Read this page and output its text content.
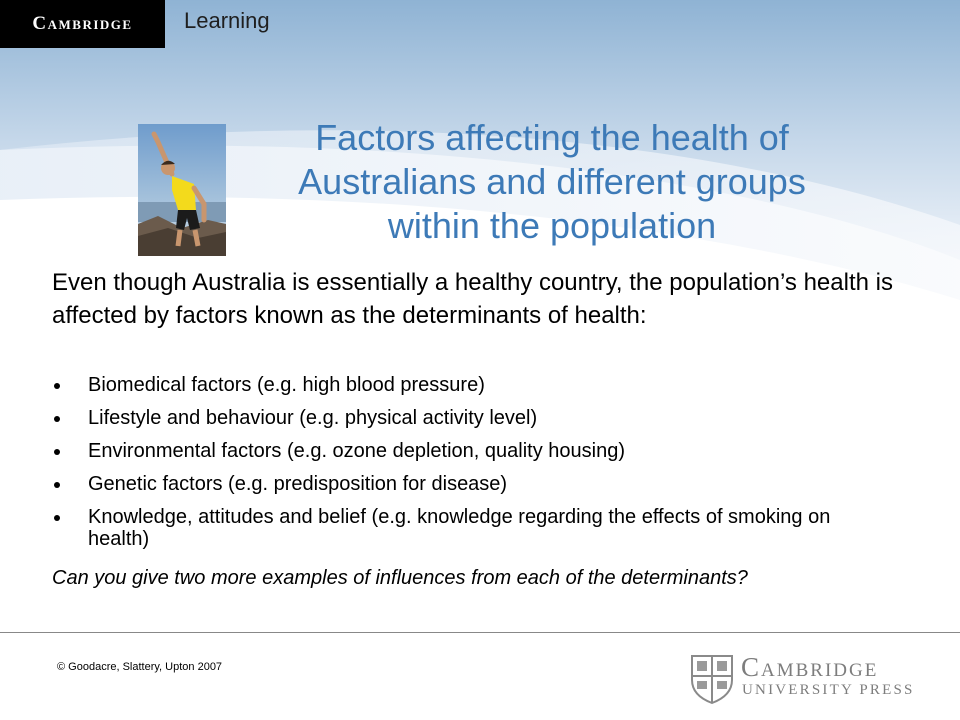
Cambridge Learning
Factors affecting the health of Australians and different groups within the population
Even though Australia is essentially a healthy country, the population’s health is affected by factors known as the determinants of health:
Biomedical factors (e.g. high blood pressure)
Lifestyle and behaviour (e.g. physical activity level)
Environmental factors (e.g. ozone depletion, quality housing)
Genetic factors (e.g. predisposition for disease)
Knowledge, attitudes and belief (e.g. knowledge regarding the effects of smoking on health)
Can you give two more examples of influences from each of the determinants?
© Goodacre, Slattery, Upton 2007	Cambridge
UNIVERSITY PRESS
